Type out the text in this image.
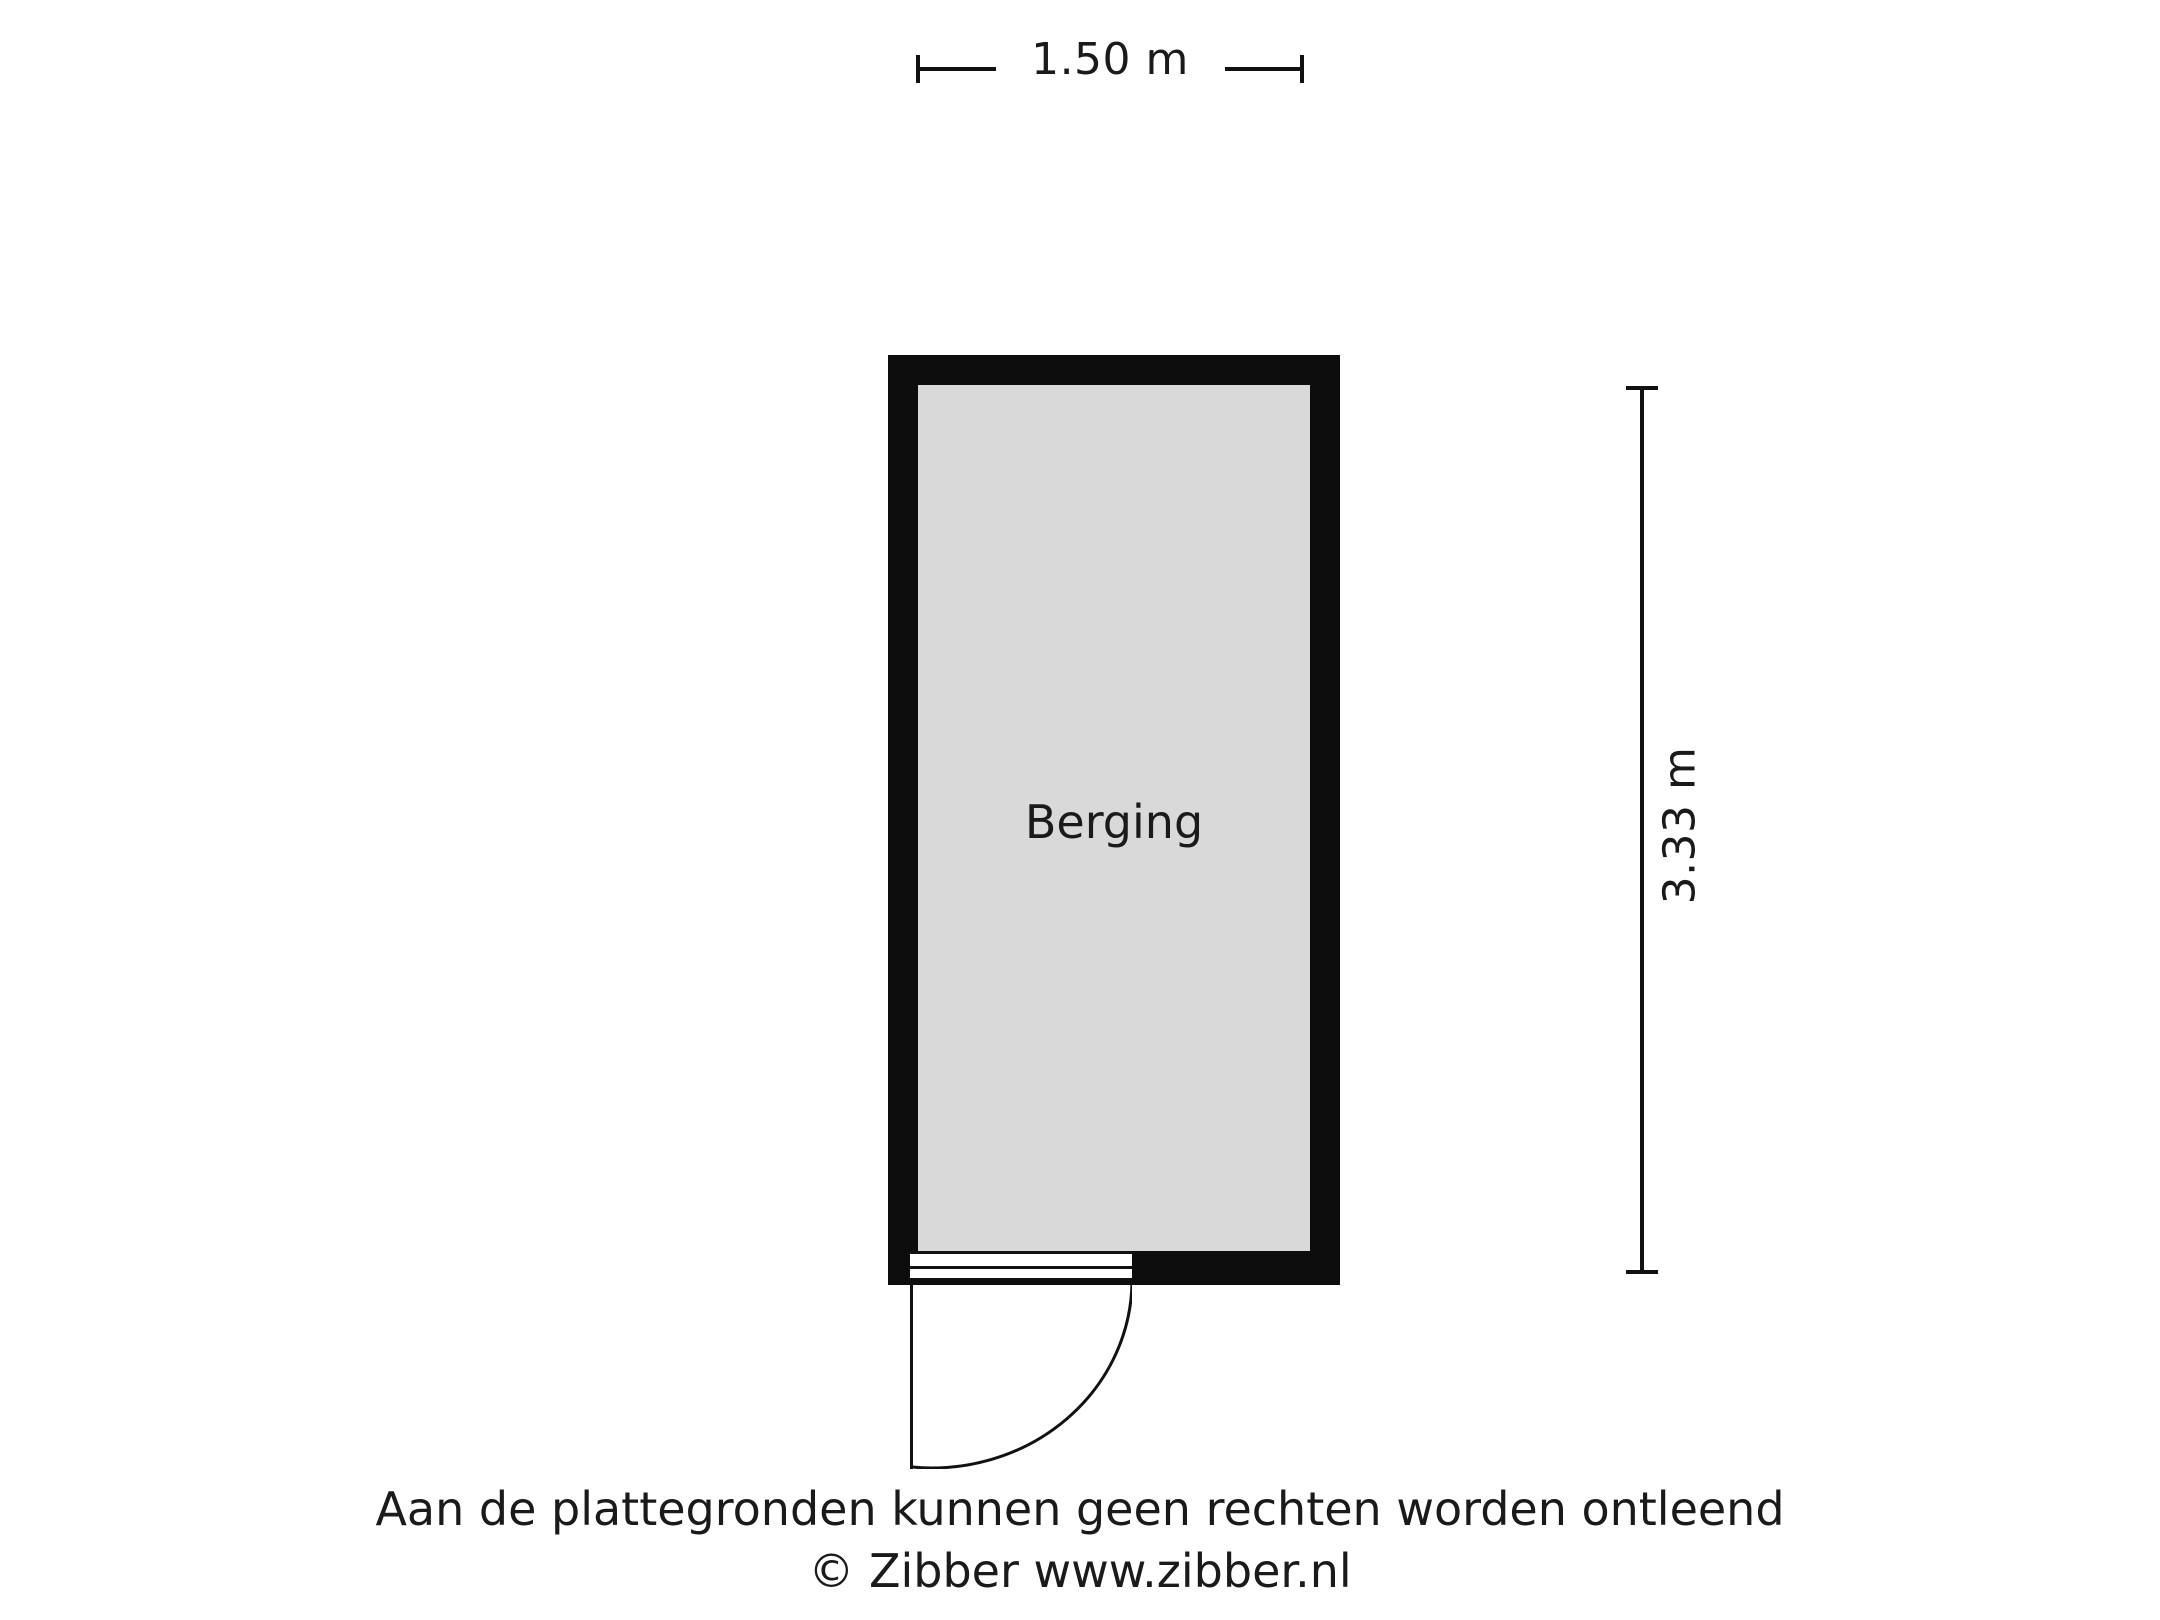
1.50 m
3.33 m
Berging
Aan de plattegronden kunnen geen rechten worden ontleend
© Zibber www.zibber.nl
